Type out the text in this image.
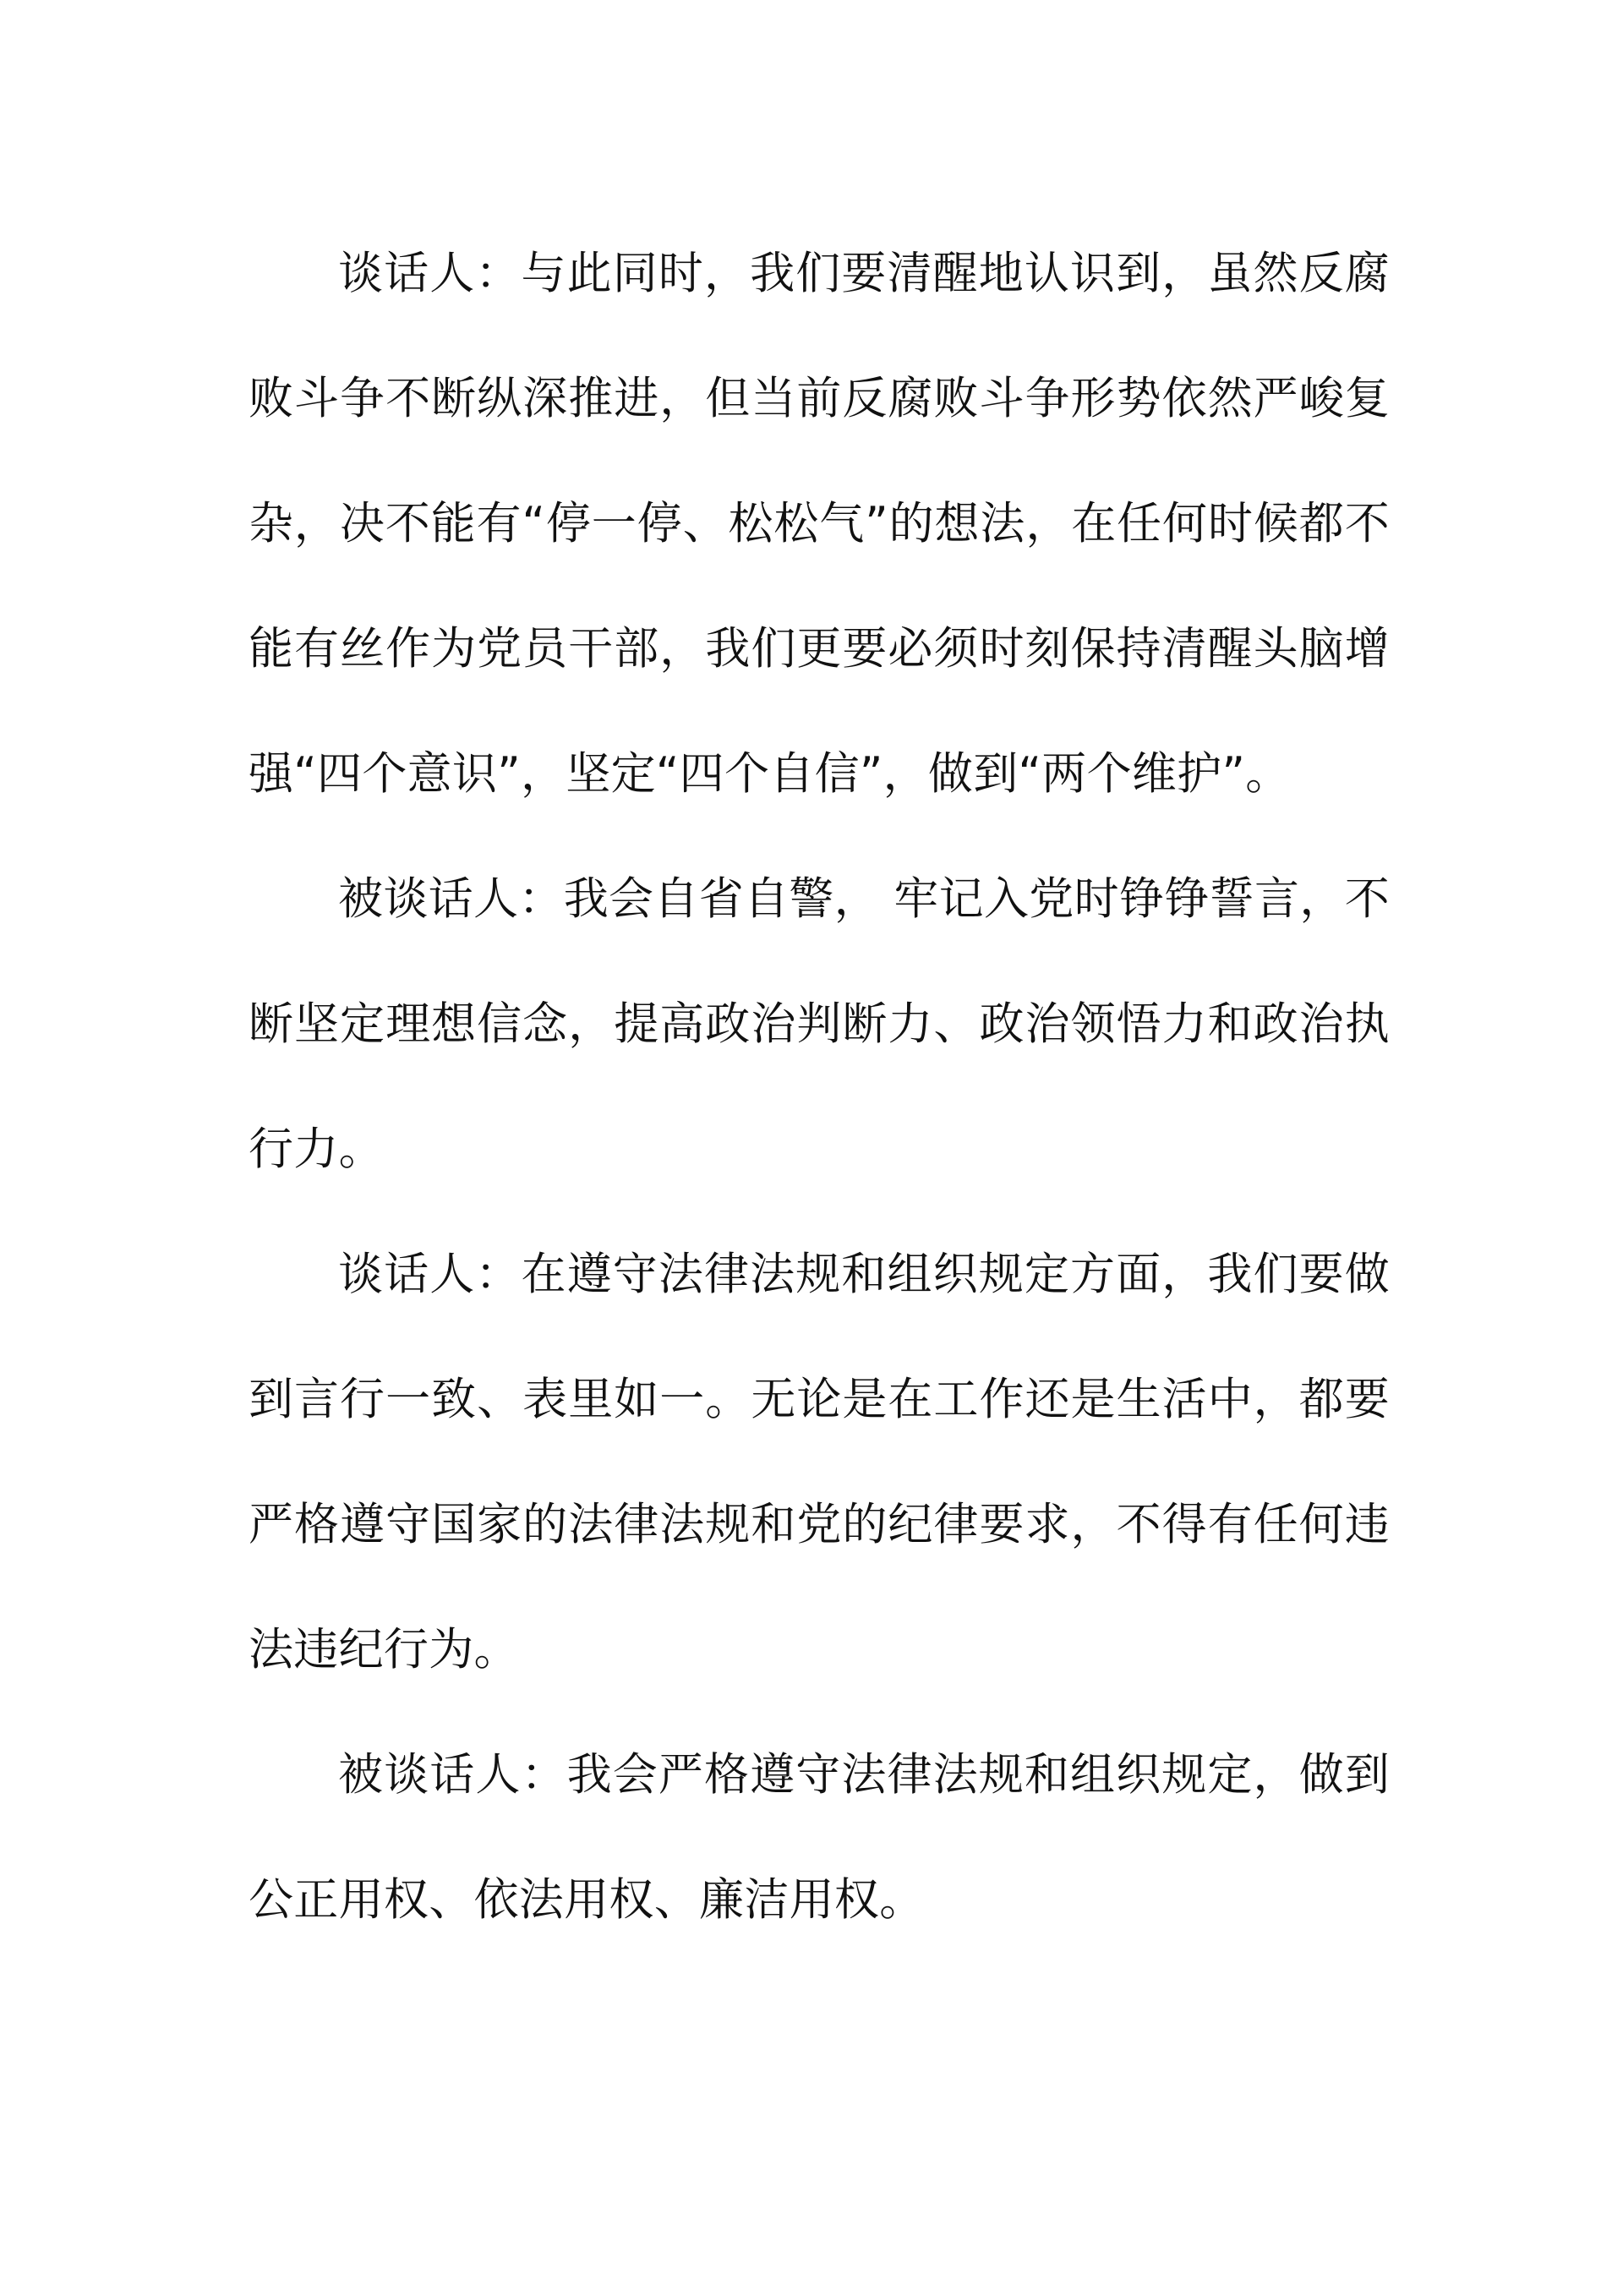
谈话人：与此同时，我们要清醒地认识到，虽然反腐败斗争不断纵深推进，但当前反腐败斗争形势依然严峻复杂，决不能有“停一停、松松气”的想法，在任何时候都不能有丝作为党员干部，我们更要必须时刻保持清醒头脑增强“四个意识”，坚定“四个自信”，做到“两个维护”。

被谈话人：我会自省自警， 牢记入党时铮铮誓言，不断坚定理想信念，提高政治判断力、政治领悟力和政治执行力。

谈话人：在遵守法律法规和组织规定方面，我们要做到言行一致、表里如一。无论是在工作还是生活中，都要严格遵守国家的法律法规和党的纪律要求，不得有任何违法违纪行为。

被谈话人：我会严格遵守法律法规和组织规定，做到公正用权、依法用权、廉洁用权。
